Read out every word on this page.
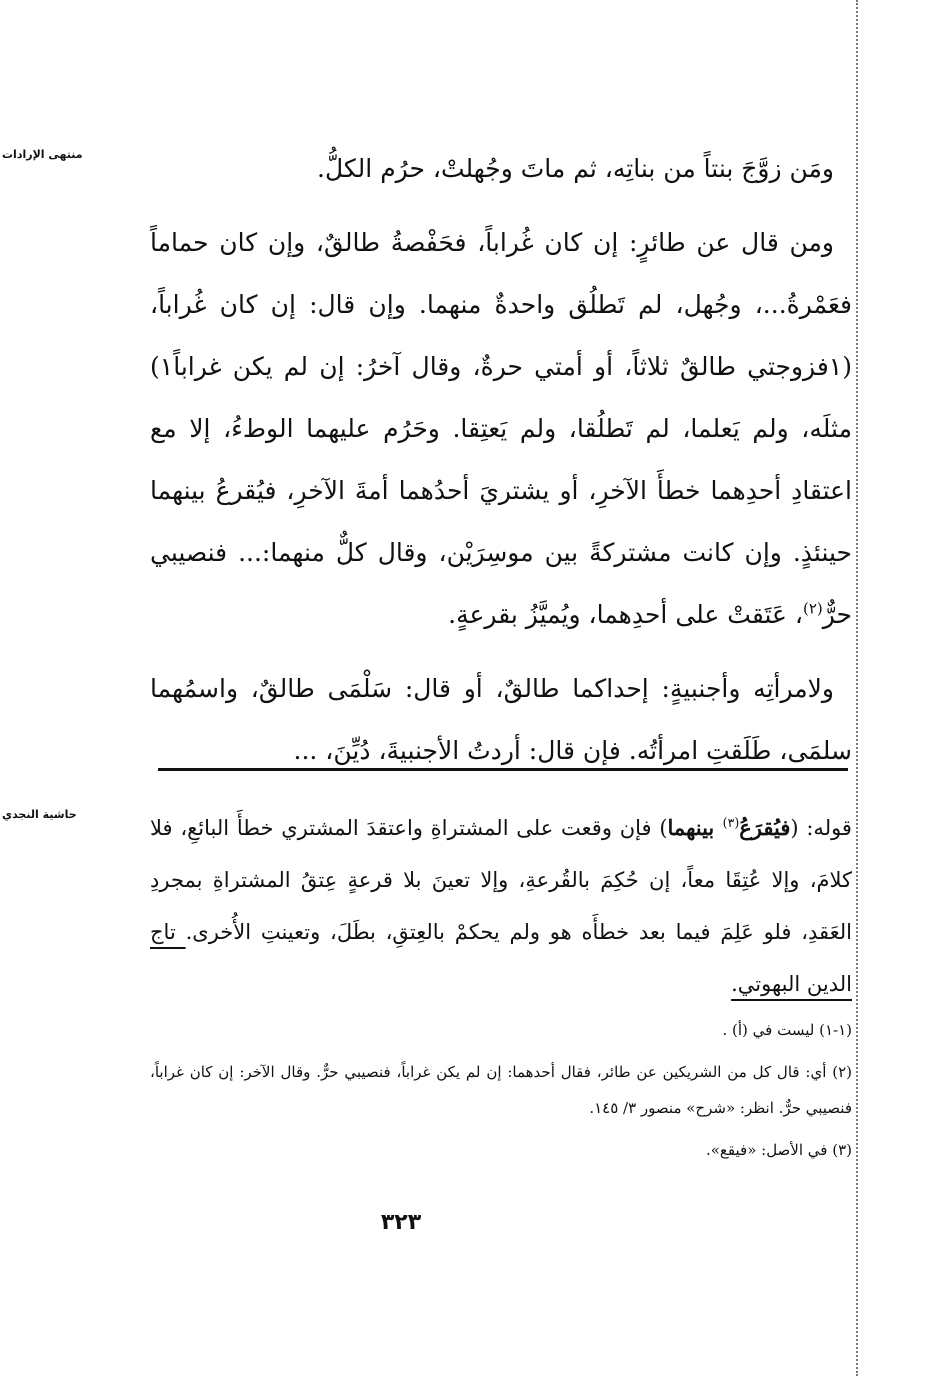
منتهى الإرادات
حاشية النجدي

ومَن زوَّجَ بنتاً من بناتِه، ثم ماتَ وجُهلتْ، حرُم الكلُّ.

ومن قال عن طائرٍ: إن كان غُراباً، فحَفْصةُ طالقٌ، وإن كان حماماً فعَمْرةُ...، وجُهل، لم تَطلُق واحدةٌ منهما. وإن قال: إن كان غُراباً، (١فزوجتي طالقٌ ثلاثاً، أو أمتي حرةٌ، وقال آخرُ: إن لم يكن غراباً١) مثلَه، ولم يَعلما، لم تَطلُقا، ولم يَعتِقا. وحَرُم عليهما الوطءُ، إلا مع اعتقادِ أحدِهما خطأَ الآخرِ، أو يشتريَ أحدُهما أمةَ الآخرِ، فيُقرعُ بينهما حينئذٍ. وإن كانت مشتركةً بين موسِرَيْن، وقال كلٌّ منهما:... فنصيبي حرٌّ$^{(٢)}$، عَتَقتْ على أحدِهما، ويُميَّزُ بقرعةٍ.

ولامرأتِه وأجنبيةٍ: إحداكما طالقٌ، أو قال: سَلْمَى طالقٌ، واسمُهما سلمَى، طَلَقتِ امرأتُه. فإن قال: أردتُ الأجنبيةَ، دُيِّنَ، ...

قوله: (فيُقرَعُ$^{(٣)}$ بينهما) فإن وقعت على المشتراةِ واعتقدَ المشتري خطأَ البائعِ، فلا كلامَ، وإلا عُتِقَا معاً، إن حُكِمَ بالقُرعةِ، وإلا تعينَ بلا قرعةٍ عِتقُ المشتراةِ بمجردِ العَقدِ، فلو عَلِمَ فيما بعد خطأَه هو ولم يحكمْ بالعِتقِ، بطَلَ، وتعينتِ الأُخرى. تاج الدين البهوتي.

(١-١) ليست في (أ) .

(٢) أي: قال كل من الشريكين عن طائر، فقال أحدهما: إن لم يكن غراباً، فنصيبي حرٌّ. وقال الآخر: إن كان غراباً، فنصيبي حرٌّ. انظر: «شرح» منصور ٣/ ١٤٥.

(٣) في الأصل: «فيقع».

٣٢٣
